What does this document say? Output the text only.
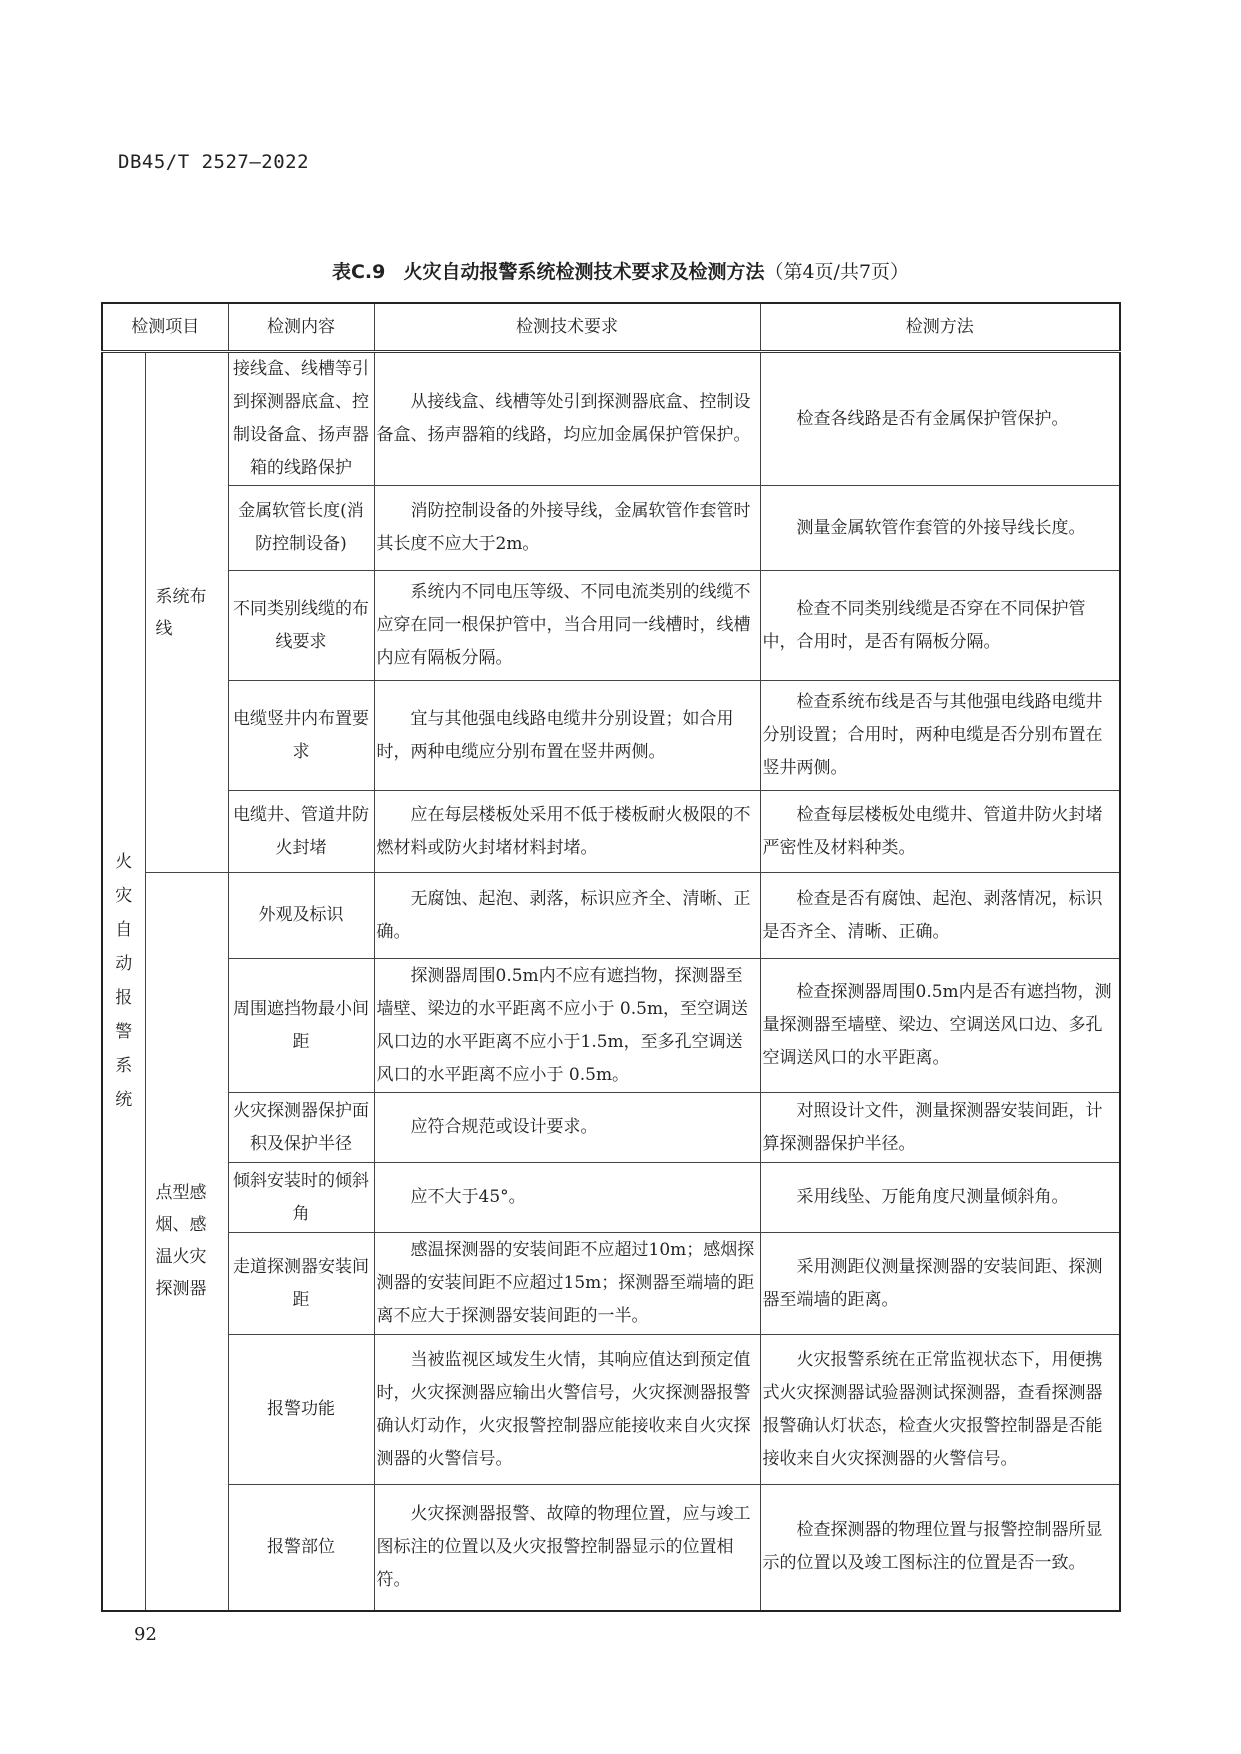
DB45/T 2527—2022
表C.9 火灾自动报警系统检测技术要求及检测方法（第4页/共7页）
检测项目		检测内容	检测技术要求	检测方法
火灾自动报警系统	系统布线	接线盒、线槽等引到探测器底盒、控制设备盒、扬声器箱的线路保护	从接线盒、线槽等处引到探测器底盒、控制设备盒、扬声器箱的线路，均应加金属保护管保护。	检查各线路是否有金属保护管保护。
		金属软管长度(消防控制设备)	消防控制设备的外接导线，金属软管作套管时其长度不应大于2m。	测量金属软管作套管的外接导线长度。
		不同类别线缆的布线要求	系统内不同电压等级、不同电流类别的线缆不应穿在同一根保护管中，当合用同一线槽时，线槽内应有隔板分隔。	检查不同类别线缆是否穿在不同保护管中，合用时，是否有隔板分隔。
		电缆竖井内布置要求	宜与其他强电线路电缆井分别设置；如合用时，两种电缆应分别布置在竖井两侧。	检查系统布线是否与其他强电线路电缆井分别设置；合用时，两种电缆是否分别布置在竖井两侧。
		电缆井、管道井防火封堵	应在每层楼板处采用不低于楼板耐火极限的不燃材料或防火封堵材料封堵。	检查每层楼板处电缆井、管道井防火封堵严密性及材料种类。
	点型感烟、感温火灾探测器	外观及标识	无腐蚀、起泡、剥落，标识应齐全、清晰、正确。	检查是否有腐蚀、起泡、剥落情况，标识是否齐全、清晰、正确。
		周围遮挡物最小间距	探测器周围0.5m内不应有遮挡物，探测器至墙壁、梁边的水平距离不应小于 0.5m，至空调送风口边的水平距离不应小于1.5m，至多孔空调送风口的水平距离不应小于 0.5m。	检查探测器周围0.5m内是否有遮挡物，测量探测器至墙壁、梁边、空调送风口边、多孔空调送风口的水平距离。
		火灾探测器保护面积及保护半径	应符合规范或设计要求。	对照设计文件，测量探测器安装间距，计算探测器保护半径。
		倾斜安装时的倾斜角	应不大于45°。	采用线坠、万能角度尺测量倾斜角。
		走道探测器安装间距	感温探测器的安装间距不应超过10m；感烟探测器的安装间距不应超过15m；探测器至端墙的距离不应大于探测器安装间距的一半。	采用测距仪测量探测器的安装间距、探测器至端墙的距离。
		报警功能	当被监视区域发生火情，其响应值达到预定值时，火灾探测器应输出火警信号，火灾探测器报警确认灯动作，火灾报警控制器应能接收来自火灾探测器的火警信号。	火灾报警系统在正常监视状态下，用便携式火灾探测器试验器测试探测器，查看探测器报警确认灯状态，检查火灾报警控制器是否能接收来自火灾探测器的火警信号。
		报警部位	火灾探测器报警、故障的物理位置，应与竣工图标注的位置以及火灾报警控制器显示的位置相符。	检查探测器的物理位置与报警控制器所显示的位置以及竣工图标注的位置是否一致。
92
